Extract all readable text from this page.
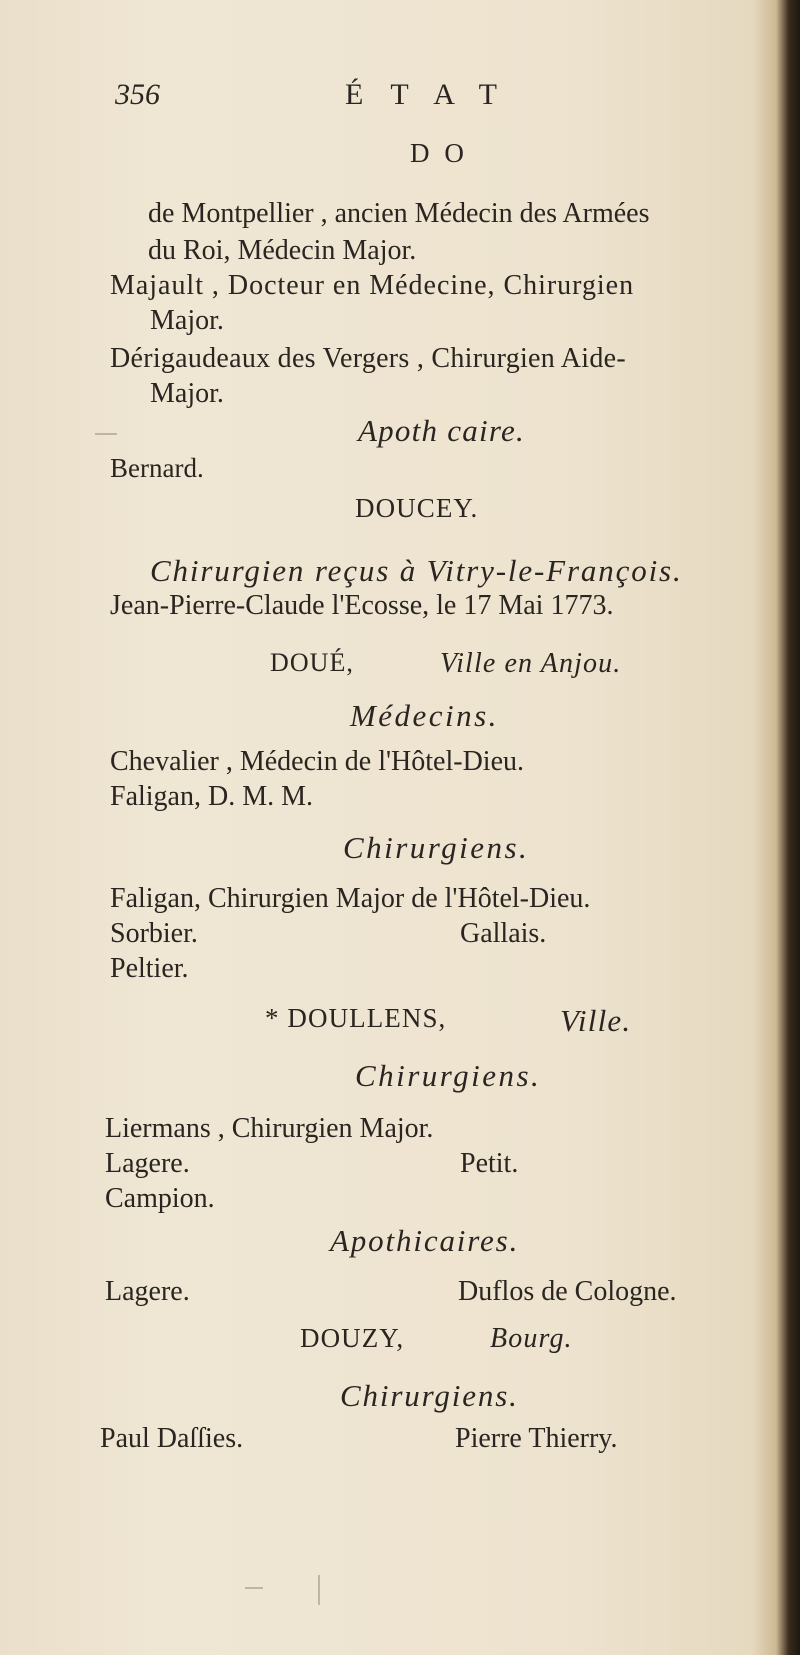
356	ÉTAT
DO
de Montpellier , ancien Médecin des Armées
du Roi, Médecin Major.
Majault , Docteur en Médecine, Chirurgien
Major.
Dérigaudeaux des Vergers , Chirurgien Aide-
Major.
Apoth caire.
Bernard.
DOUCEY.
Chirurgien reçus à Vitry-le-François.
Jean-Pierre-Claude l'Ecosse, le 17 Mai 1773.
DOUÉ,	Ville en Anjou.
Médecins.
Chevalier , Médecin de l'Hôtel-Dieu.
Faligan, D. M. M.
Chirurgiens.
Faligan, Chirurgien Major de l'Hôtel-Dieu.
Sorbier.	Gallais.
Peltier.
* DOULLENS,	Ville.
Chirurgiens.
Liermans , Chirurgien Major.
Lagere.	Petit.
Campion.
Apothicaires.
Lagere.	Duflos de Cologne.
DOUZY,	Bourg.
Chirurgiens.
Paul Daſſies.	Pierre Thierry.
